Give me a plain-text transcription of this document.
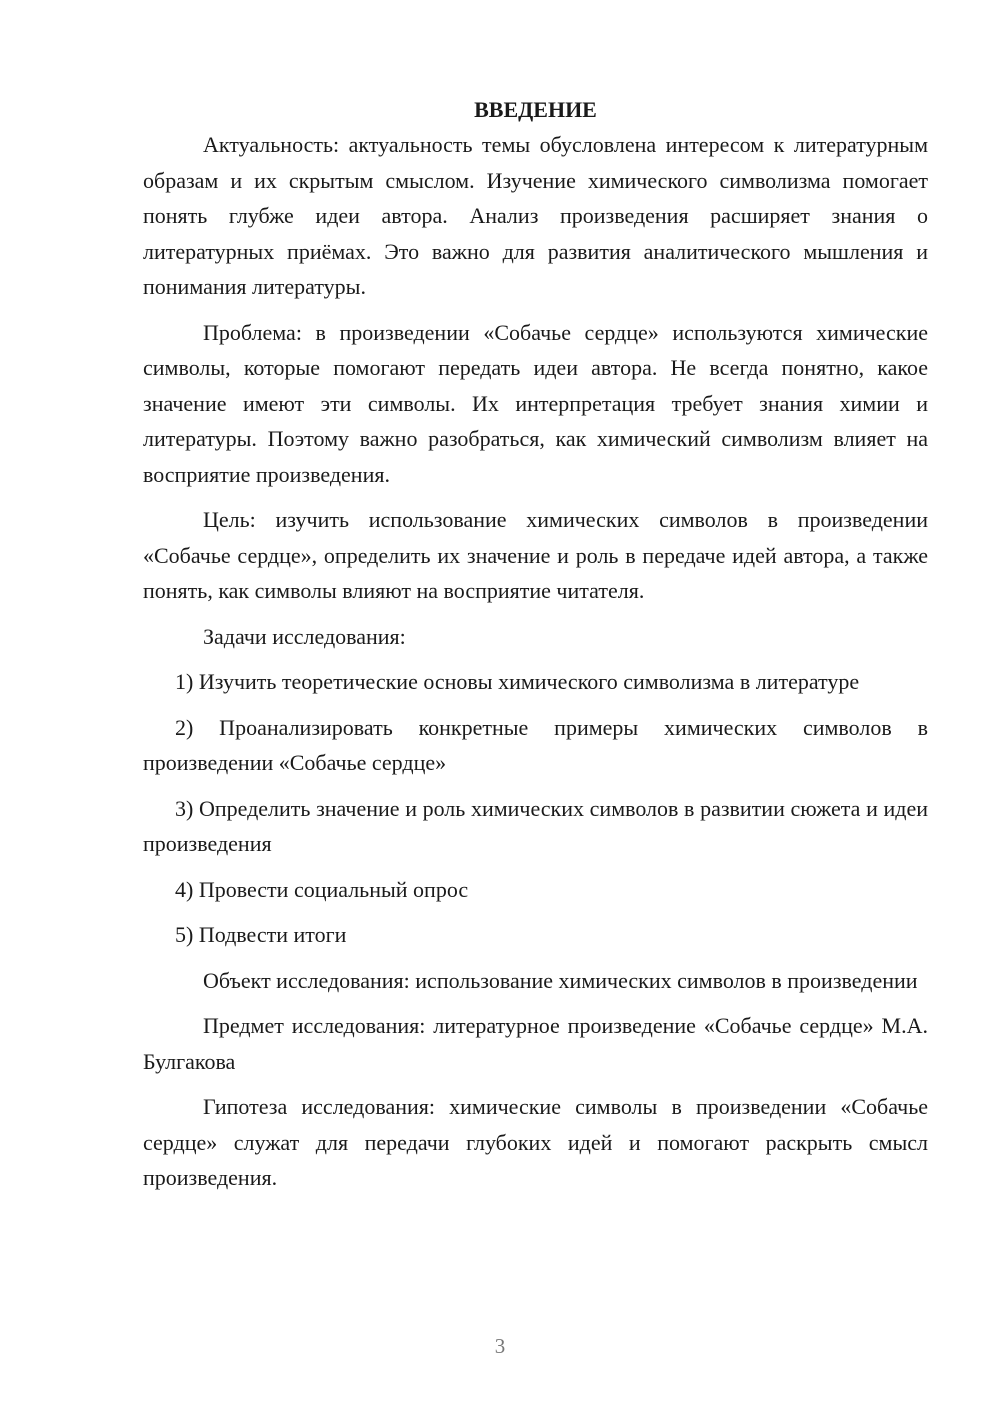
ВВЕДЕНИЕ

Актуальность: актуальность темы обусловлена интересом к литературным образам и их скрытым смыслом. Изучение химического символизма помогает понять глубже идеи автора. Анализ произведения расширяет знания о литературных приёмах. Это важно для развития аналитического мышления и понимания литературы.

Проблема: в произведении «Собачье сердце» используются химические символы, которые помогают передать идеи автора. Не всегда понятно, какое значение имеют эти символы. Их интерпретация требует знания химии и литературы. Поэтому важно разобраться, как химический символизм влияет на восприятие произведения.

Цель: изучить использование химических символов в произведении «Собачье сердце», определить их значение и роль в передаче идей автора, а также понять, как символы влияют на восприятие читателя.

Задачи исследования:

1) Изучить теоретические основы химического символизма в литературе

2) Проанализировать конкретные примеры химических символов в произведении «Собачье сердце»

3) Определить значение и роль химических символов в развитии сюжета и идеи произведения

4) Провести социальный опрос

5) Подвести итоги

Объект исследования: использование химических символов в произведении

Предмет исследования: литературное произведение «Собачье сердце» М.А. Булгакова

Гипотеза исследования: химические символы в произведении «Собачье сердце» служат для передачи глубоких идей и помогают раскрыть смысл произведения.

3
